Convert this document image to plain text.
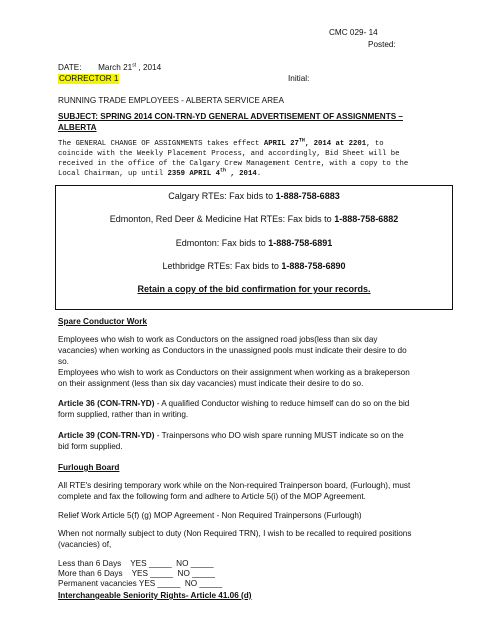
CMC 029- 14
Posted:
DATE: March 21st , 2014
CORRECTOR 1	Initial:
RUNNING TRADE EMPLOYEES - ALBERTA SERVICE AREA
SUBJECT: SPRING 2014 CON-TRN-YD GENERAL ADVERTISEMENT OF ASSIGNMENTS –
ALBERTA
The GENERAL CHANGE OF ASSIGNMENTS takes effect APRIL 27TH, 2014 at 2201, to
coincide with the Weekly Placement Process, and accordingly, Bid Sheet will be
received in the office of the Calgary Crew Management Centre, with a copy to the
Local Chairman, up until 2359 APRIL 4th , 2014.
Calgary RTEs: Fax bids to 1-888-758-6883
Edmonton, Red Deer & Medicine Hat RTEs: Fax bids to 1-888-758-6882
Edmonton: Fax bids to 1-888-758-6891
Lethbridge RTEs: Fax bids to 1-888-758-6890
Retain a copy of the bid confirmation for your records.
Spare Conductor Work
Employees who wish to work as Conductors on the assigned road jobs(less than six day
vacancies) when working as Conductors in the unassigned pools must indicate their desire to do
so.
Employees who wish to work as Conductors on their assignment when working as a brakeperson
on their assignment (less than six day vacancies) must indicate their desire to do so.
Article 36 (CON-TRN-YD) - A qualified Conductor wishing to reduce himself can do so on the bid
form supplied, rather than in writing.
Article 39 (CON-TRN-YD) - Trainpersons who DO wish spare running MUST indicate so on the
bid form supplied.
Furlough Board
All RTE's desiring temporary work while on the Non-required Trainperson board, (Furlough), must
complete and fax the following form and adhere to Article 5(i) of the MOP Agreement.
Relief Work Article 5(f) (g) MOP Agreement - Non Required Trainpersons (Furlough)
When not normally subject to duty (Non Required TRN), I wish to be recalled to required positions
(vacancies) of,
Less than 6 Days    YES _____  NO _____
More than 6 Days    YES _____  NO _____
Permanent vacancies YES _____  NO _____
Interchangeable Seniority Rights- Article 41.06 (d)
